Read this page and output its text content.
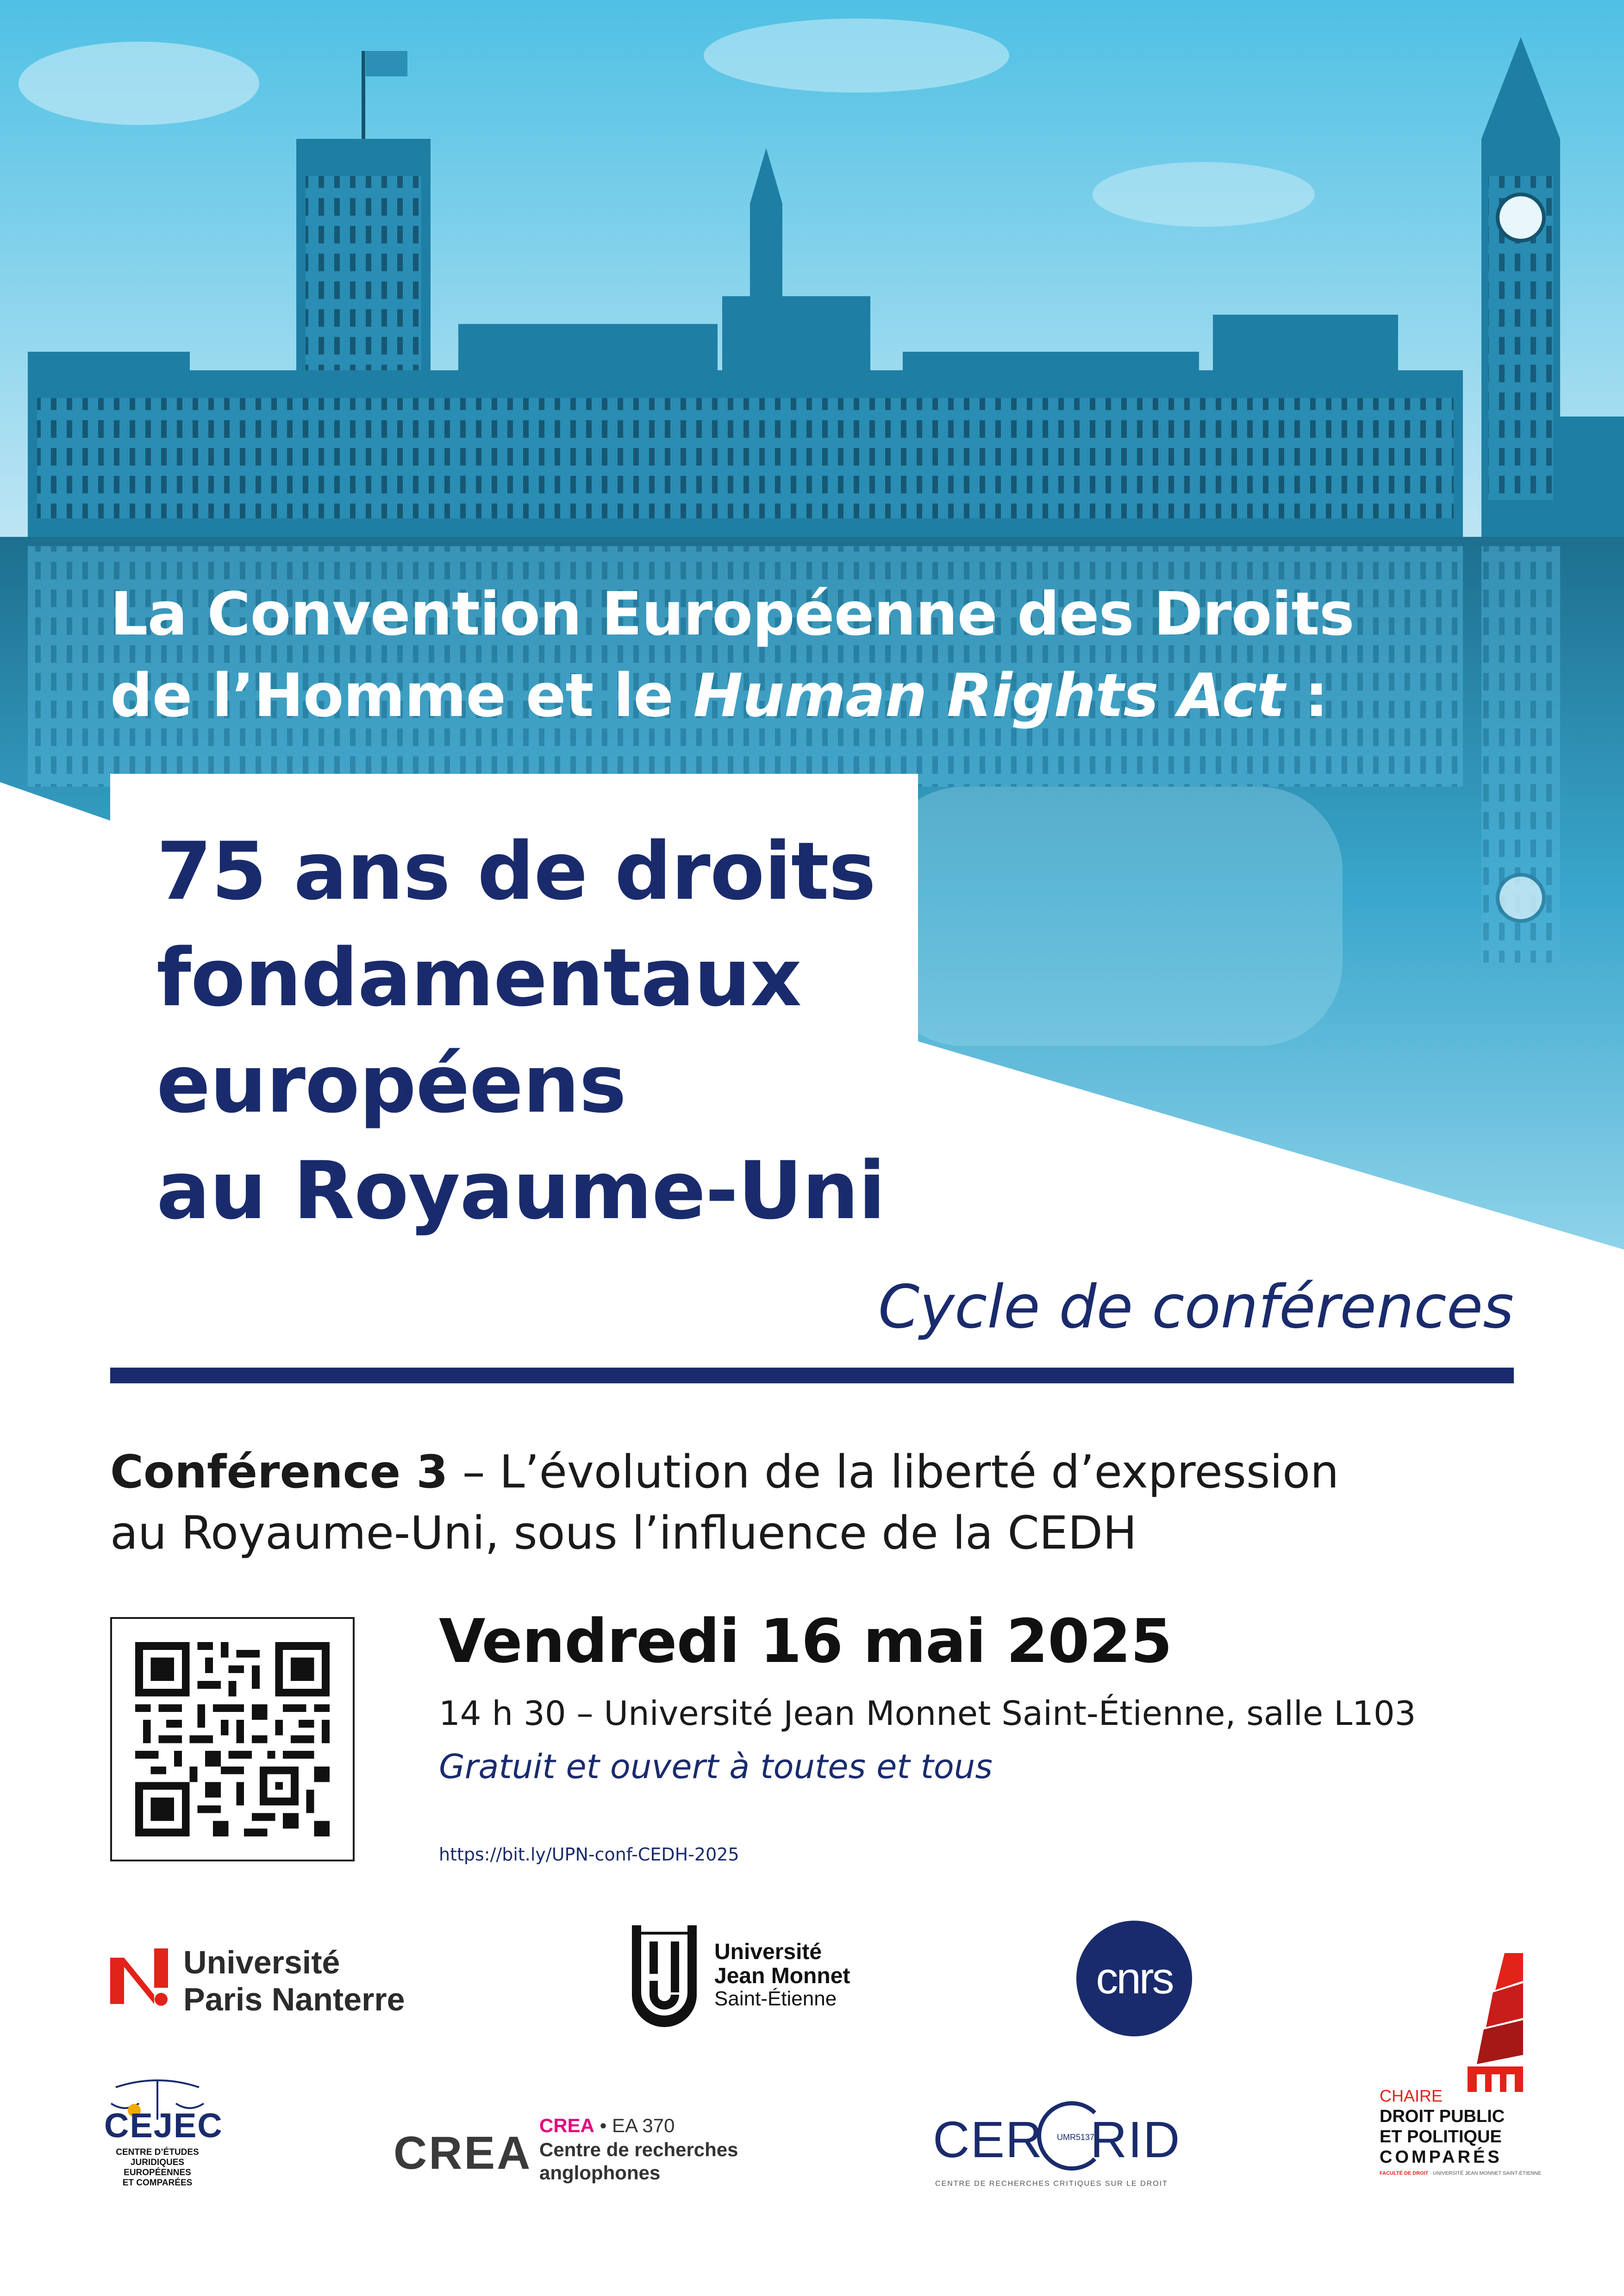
La Convention Européenne des Droits
de l’Homme et le Human Rights Act :
75 ans de droits
fondamentaux
européens
au Royaume-Uni
Cycle de conférences
Conférence 3 – L’évolution de la liberté d’expression
au Royaume-Uni, sous l’influence de la CEDH
Vendredi 16 mai 2025
14 h 30 – Université Jean Monnet Saint-Étienne, salle L103
Gratuit et ouvert à toutes et tous
https://bit.ly/UPN-conf-CEDH-2025
Université
Paris Nanterre
Université
Jean Monnet
Saint-Étienne	cnrs
CEJEC
CENTRE D’ÉTUDES
JURIDIQUES
EUROPÉENNES
ET COMPARÉES
CREA
CREA • EA 370
Centre de recherches
anglophones
CER UMR5137
RID
CENTRE DE RECHERCHES CRITIQUES SUR LE DROIT
CHAIRE
DROIT PUBLIC
ET POLITIQUE
COMPARÉS
FACULTÉ DE DROIT · UNIVERSITÉ JEAN MONNET SAINT-ÉTIENNE
